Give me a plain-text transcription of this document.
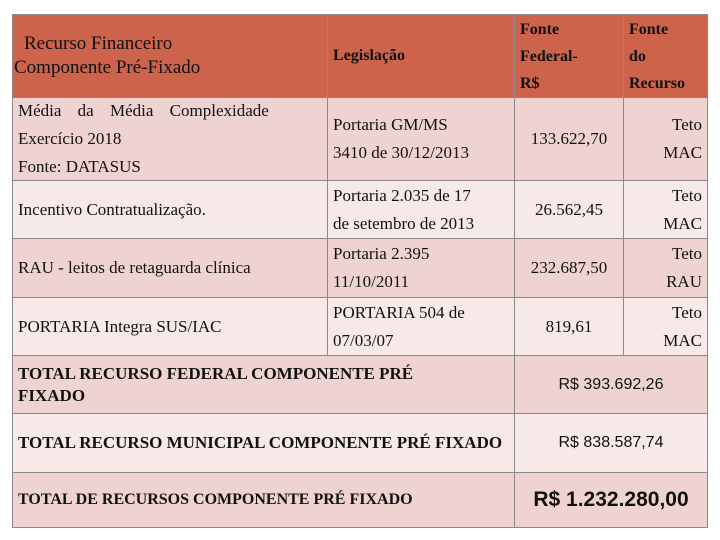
Recurso Financeiro
Componente Pré-Fixado
Legislação
Fonte
Federal-
R$
Fonte
do
Recurso
Média da Média Complexidade
Exercício 2018
Fonte: DATASUS
Portaria GM/MS
3410 de 30/12/2013
133.622,70
Teto
MAC
Incentivo Contratualização.
Portaria 2.035 de 17
de setembro de 2013
26.562,45
Teto
MAC
RAU - leitos de retaguarda clínica
Portaria 2.395
11/10/2011
232.687,50
Teto
RAU
PORTARIA Integra SUS/IAC
PORTARIA 504 de
07/03/07
819,61
Teto
MAC
TOTAL RECURSO FEDERAL COMPONENTE PRÉ FIXADO
R$ 393.692,26
TOTAL RECURSO MUNICIPAL COMPONENTE PRÉ FIXADO	R$ 838.587,74
TOTAL DE RECURSOS COMPONENTE PRÉ FIXADO	R$ 1.232.280,00
